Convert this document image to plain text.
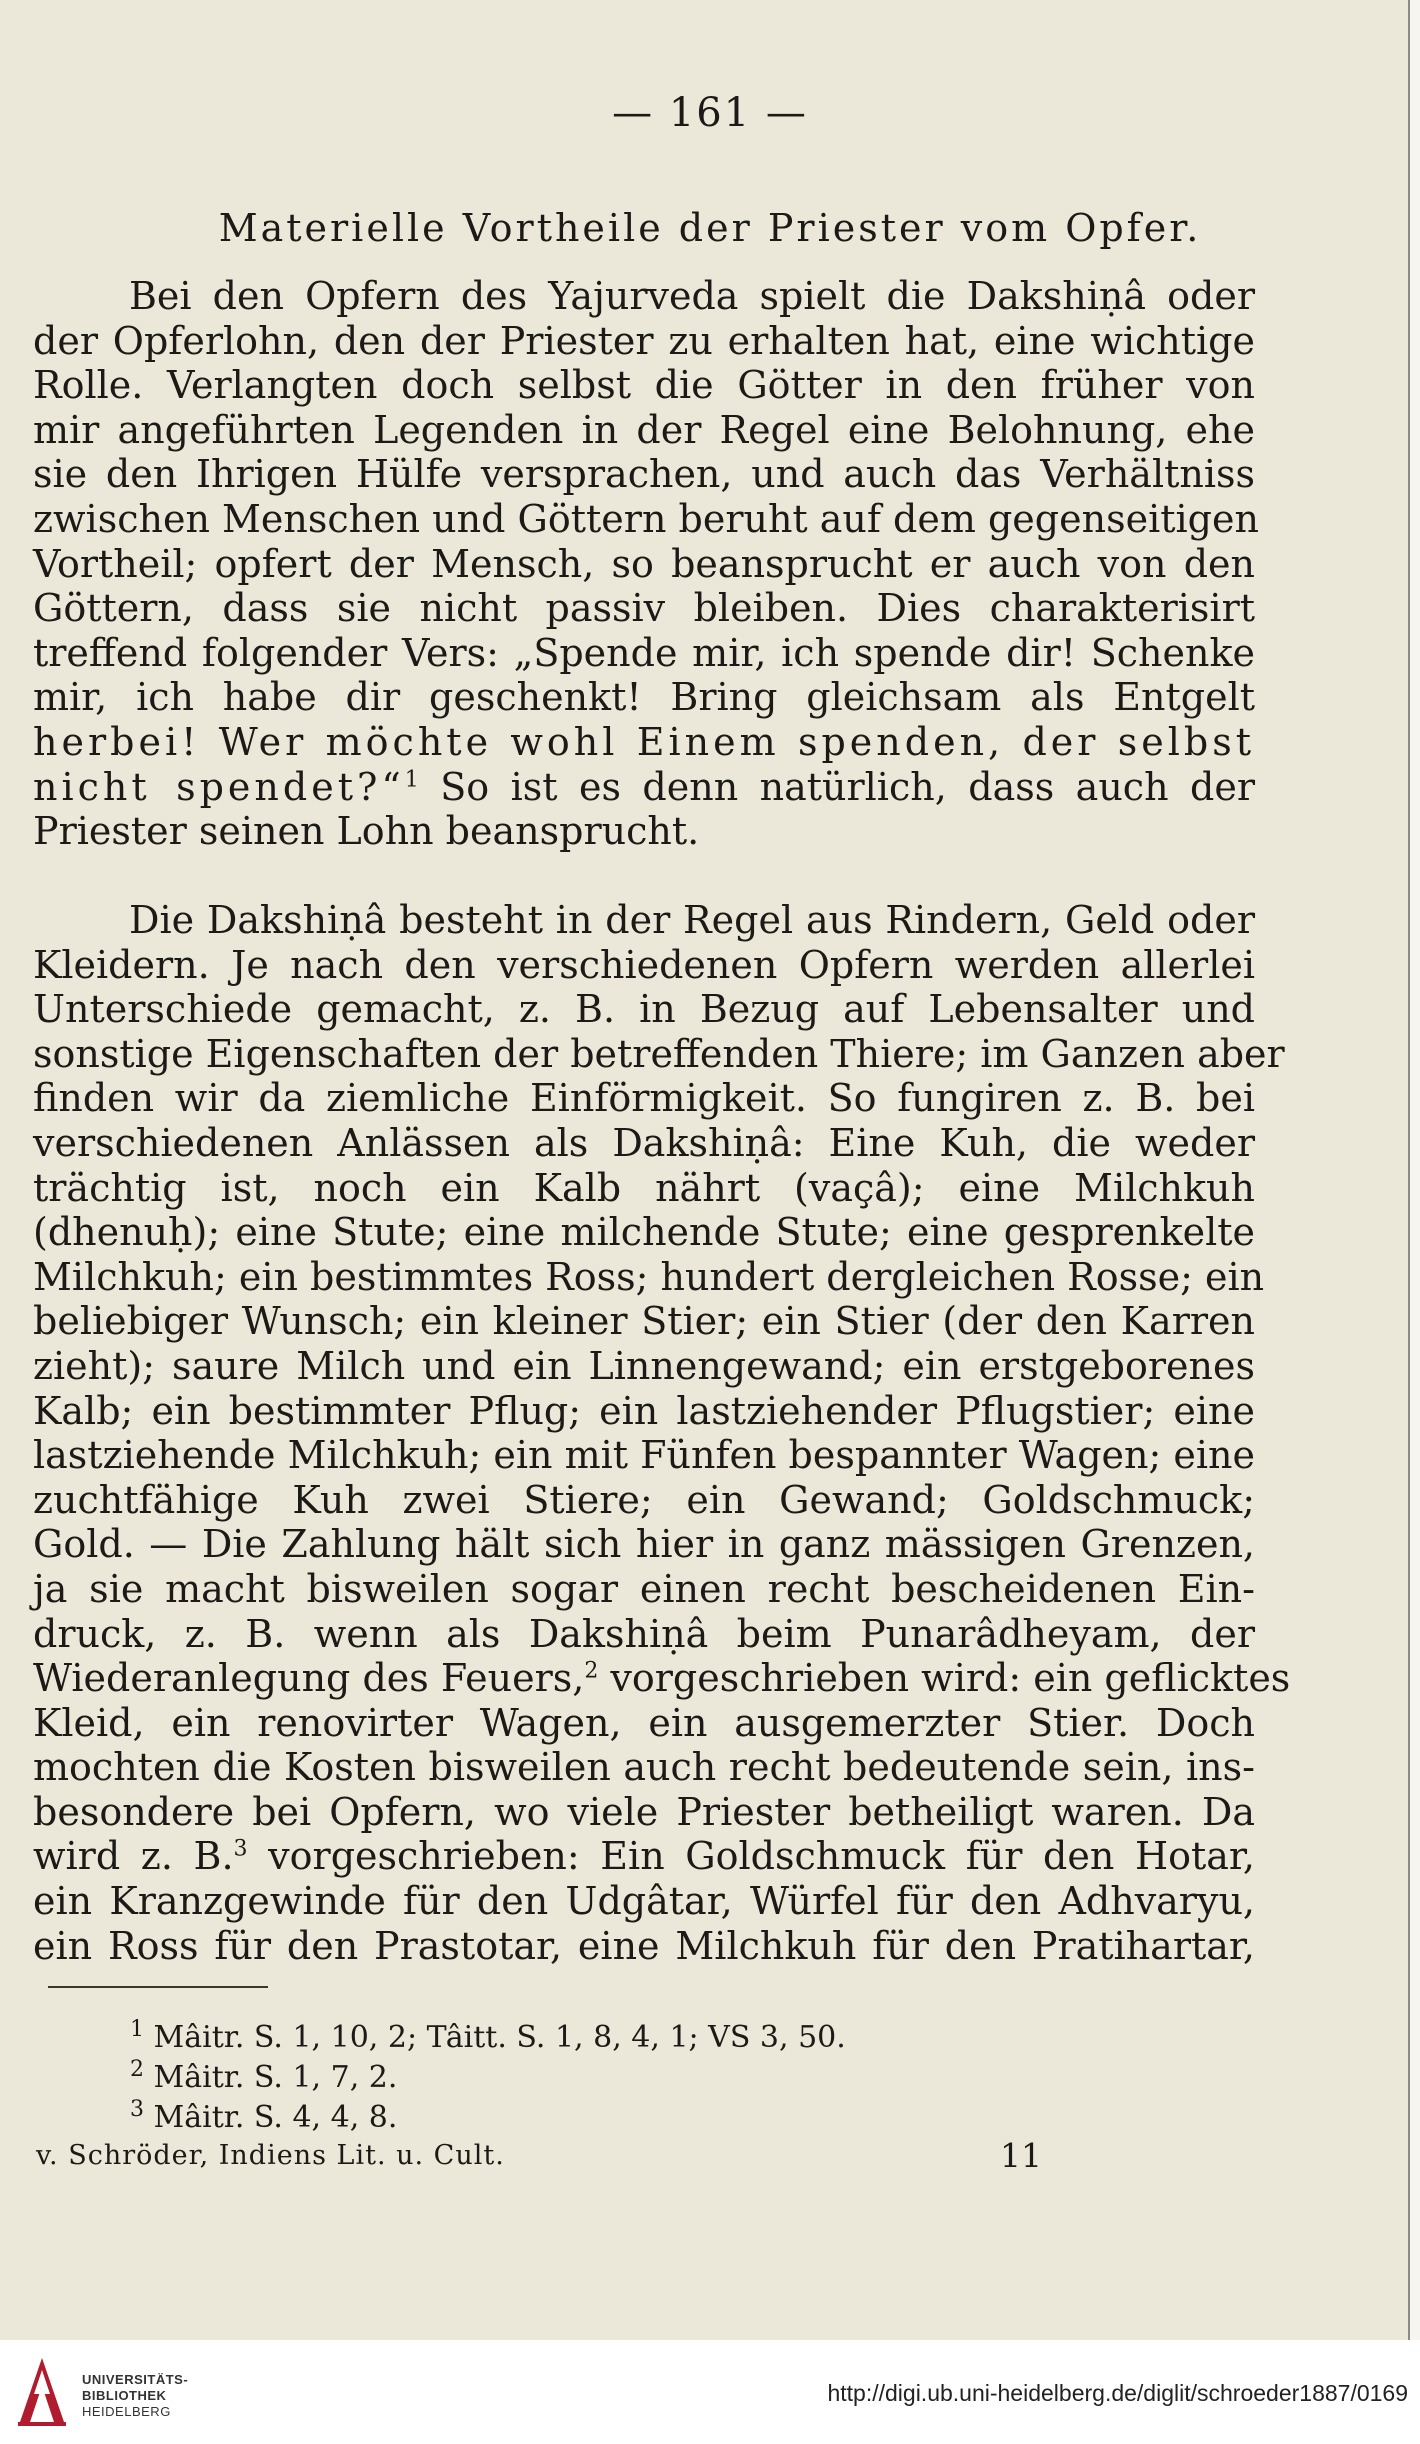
— 161 —
Materielle Vortheile der Priester vom Opfer.
Bei den Opfern des Yajurveda spielt die Dakshiṇâ oder
der Opferlohn, den der Priester zu erhalten hat, eine wichtige
Rolle. Verlangten doch selbst die Götter in den früher von
mir angeführten Legenden in der Regel eine Belohnung, ehe
sie den Ihrigen Hülfe versprachen, und auch das Verhältniss
zwischen Menschen und Göttern beruht auf dem gegenseitigen
Vortheil; opfert der Mensch, so beansprucht er auch von den
Göttern, dass sie nicht passiv bleiben. Dies charakterisirt
treffend folgender Vers: „Spende mir, ich spende dir! Schenke
mir, ich habe dir geschenkt! Bring gleichsam als Entgelt
herbei! Wer möchte wohl Einem spenden, der selbst
nicht spendet?“$^1$ So ist es denn natürlich, dass auch der
Priester seinen Lohn beansprucht.
Die Dakshiṇâ besteht in der Regel aus Rindern, Geld oder
Kleidern. Je nach den verschiedenen Opfern werden allerlei
Unterschiede gemacht, z. B. in Bezug auf Lebensalter und
sonstige Eigenschaften der betreffenden Thiere; im Ganzen aber
finden wir da ziemliche Einförmigkeit. So fungiren z. B. bei
verschiedenen Anlässen als Dakshiṇâ: Eine Kuh, die weder
trächtig ist, noch ein Kalb nährt (vaçâ); eine Milchkuh
(dhenuḥ); eine Stute; eine milchende Stute; eine gesprenkelte
Milchkuh; ein bestimmtes Ross; hundert dergleichen Rosse; ein
beliebiger Wunsch; ein kleiner Stier; ein Stier (der den Karren
zieht); saure Milch und ein Linnengewand; ein erstgeborenes
Kalb; ein bestimmter Pflug; ein lastziehender Pflugstier; eine
lastziehende Milchkuh; ein mit Fünfen bespannter Wagen; eine
zuchtfähige Kuh zwei Stiere; ein Gewand; Goldschmuck;
Gold. — Die Zahlung hält sich hier in ganz mässigen Grenzen,
ja sie macht bisweilen sogar einen recht bescheidenen Ein-
druck, z. B. wenn als Dakshiṇâ beim Punarâdheyam, der
Wiederanlegung des Feuers,$^2$ vorgeschrieben wird: ein geflicktes
Kleid, ein renovirter Wagen, ein ausgemerzter Stier. Doch
mochten die Kosten bisweilen auch recht bedeutende sein, ins-
besondere bei Opfern, wo viele Priester betheiligt waren. Da
wird z. B.$^3$ vorgeschrieben: Ein Goldschmuck für den Hotar,
ein Kranzgewinde für den Udgâtar, Würfel für den Adhvaryu,
ein Ross für den Prastotar, eine Milchkuh für den Pratihartar,
$^1$ Mâitr. S. 1, 10, 2; Tâitt. S. 1, 8, 4, 1; VS 3, 50.
$^2$ Mâitr. S. 1, 7, 2.
$^3$ Mâitr. S. 4, 4, 8.
v. Schröder, Indiens Lit. u. Cult.	11
UNIVERSITÄTS-
BIBLIOTHEK
HEIDELBERG
http://digi.ub.uni-heidelberg.de/diglit/schroeder1887/0169
